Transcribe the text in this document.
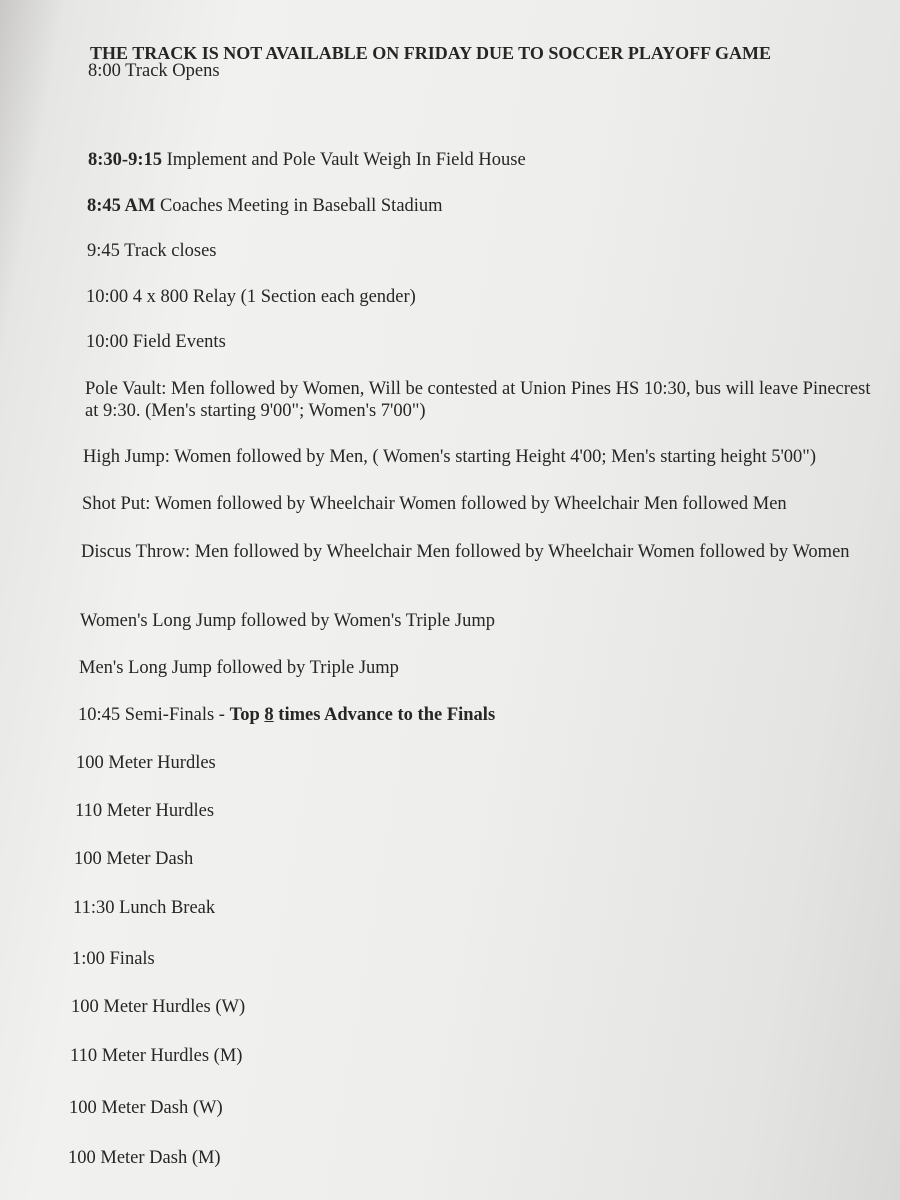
THE TRACK IS NOT AVAILABLE ON FRIDAY DUE TO SOCCER PLAYOFF GAME
8:00 Track Opens
8:30-9:15 Implement and Pole Vault Weigh In Field House
8:45 AM Coaches Meeting in Baseball Stadium
9:45 Track closes
10:00 4 x 800 Relay (1 Section each gender)
10:00 Field Events
Pole Vault: Men followed by Women, Will be contested at Union Pines HS 10:30, bus will leave Pinecrest at 9:30. (Men's starting 9'00"; Women's 7'00")
High Jump: Women followed by Men, ( Women's starting Height 4'00; Men's starting height 5'00")
Shot Put: Women followed by Wheelchair Women followed by Wheelchair Men followed Men
Discus Throw: Men followed by Wheelchair Men followed by Wheelchair Women followed by Women
Women's Long Jump followed by Women's Triple Jump
Men's Long Jump followed by Triple Jump
10:45 Semi-Finals - Top 8 times Advance to the Finals
100 Meter Hurdles
110 Meter Hurdles
100 Meter Dash
11:30 Lunch Break
1:00 Finals
100 Meter Hurdles (W)
110 Meter Hurdles (M)
100 Meter Dash (W)
100 Meter Dash (M)
